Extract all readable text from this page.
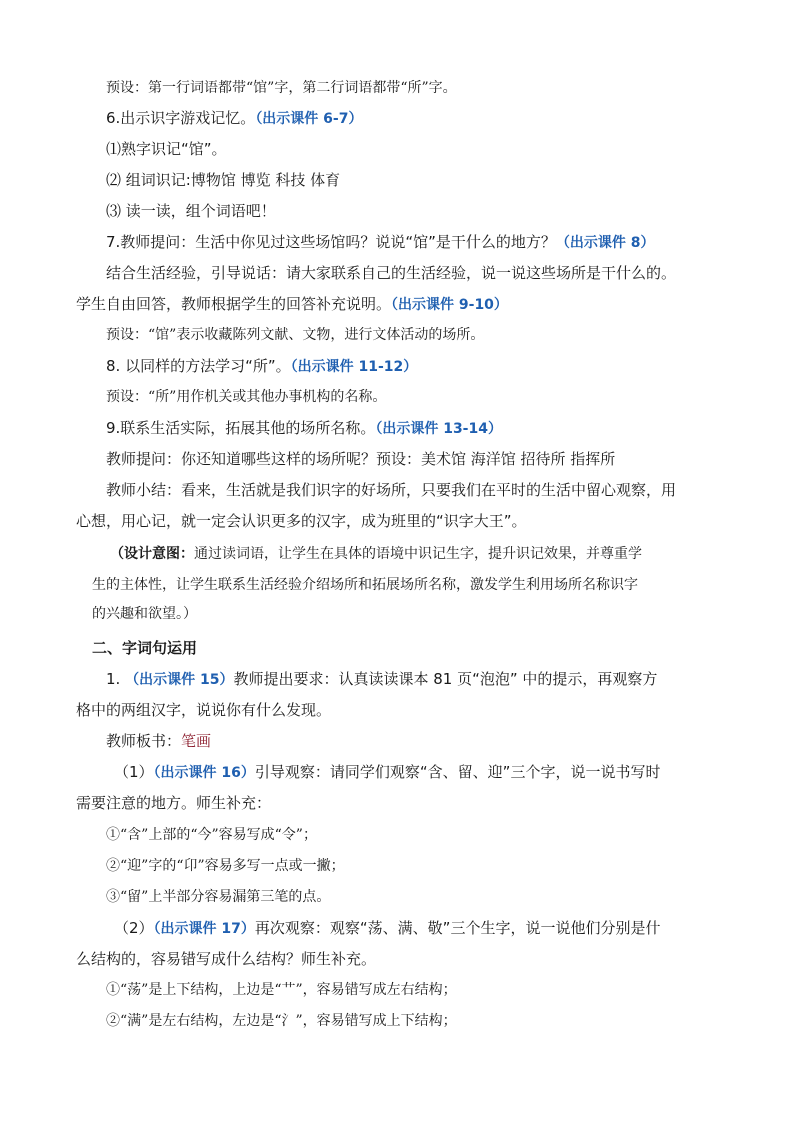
预设：第一行词语都带“馆”字，第二行词语都带“所”字。
6.出示识字游戏记忆。（出示课件 6-7）
⑴熟字识记“馆”。
⑵ 组词识记:博物馆 博览 科技 体育
⑶ 读一读，组个词语吧！
7.教师提问：生活中你见过这些场馆吗？说说“馆”是干什么的地方？（出示课件 8）
结合生活经验，引导说话：请大家联系自己的生活经验，说一说这些场所是干什么的。
学生自由回答，教师根据学生的回答补充说明。（出示课件 9-10）
预设：“馆”表示收藏陈列文献、文物，进行文体活动的场所。
8. 以同样的方法学习“所”。（出示课件 11-12）
预设：“所”用作机关或其他办事机构的名称。
9.联系生活实际，拓展其他的场所名称。（出示课件 13-14）
教师提问：你还知道哪些这样的场所呢？预设：美术馆 海洋馆 招待所 指挥所
教师小结：看来，生活就是我们识字的好场所，只要我们在平时的生活中留心观察，用
心想，用心记，就一定会认识更多的汉字，成为班里的“识字大王”。
（设计意图：通过读词语，让学生在具体的语境中识记生字，提升识记效果，并尊重学
生的主体性，让学生联系生活经验介绍场所和拓展场所名称，激发学生利用场所名称识字
的兴趣和欲望。）
二、字词句运用
1. （出示课件 15）教师提出要求：认真读读课本 81 页“泡泡” 中的提示，再观察方
格中的两组汉字，说说你有什么发现。
教师板书：笔画
（1）（出示课件 16）引导观察：请同学们观察“含、留、迎”三个字，说一说书写时
需要注意的地方。师生补充：
①“含”上部的“今”容易写成“令”；
②“迎”字的“卬”容易多写一点或一撇；
③“留”上半部分容易漏第三笔的点。
（2）（出示课件 17）再次观察：观察“荡、满、敬”三个生字，说一说他们分别是什
么结构的，容易错写成什么结构？师生补充。
①“荡”是上下结构，上边是“艹”，容易错写成左右结构；
②“满”是左右结构，左边是“氵”，容易错写成上下结构；
